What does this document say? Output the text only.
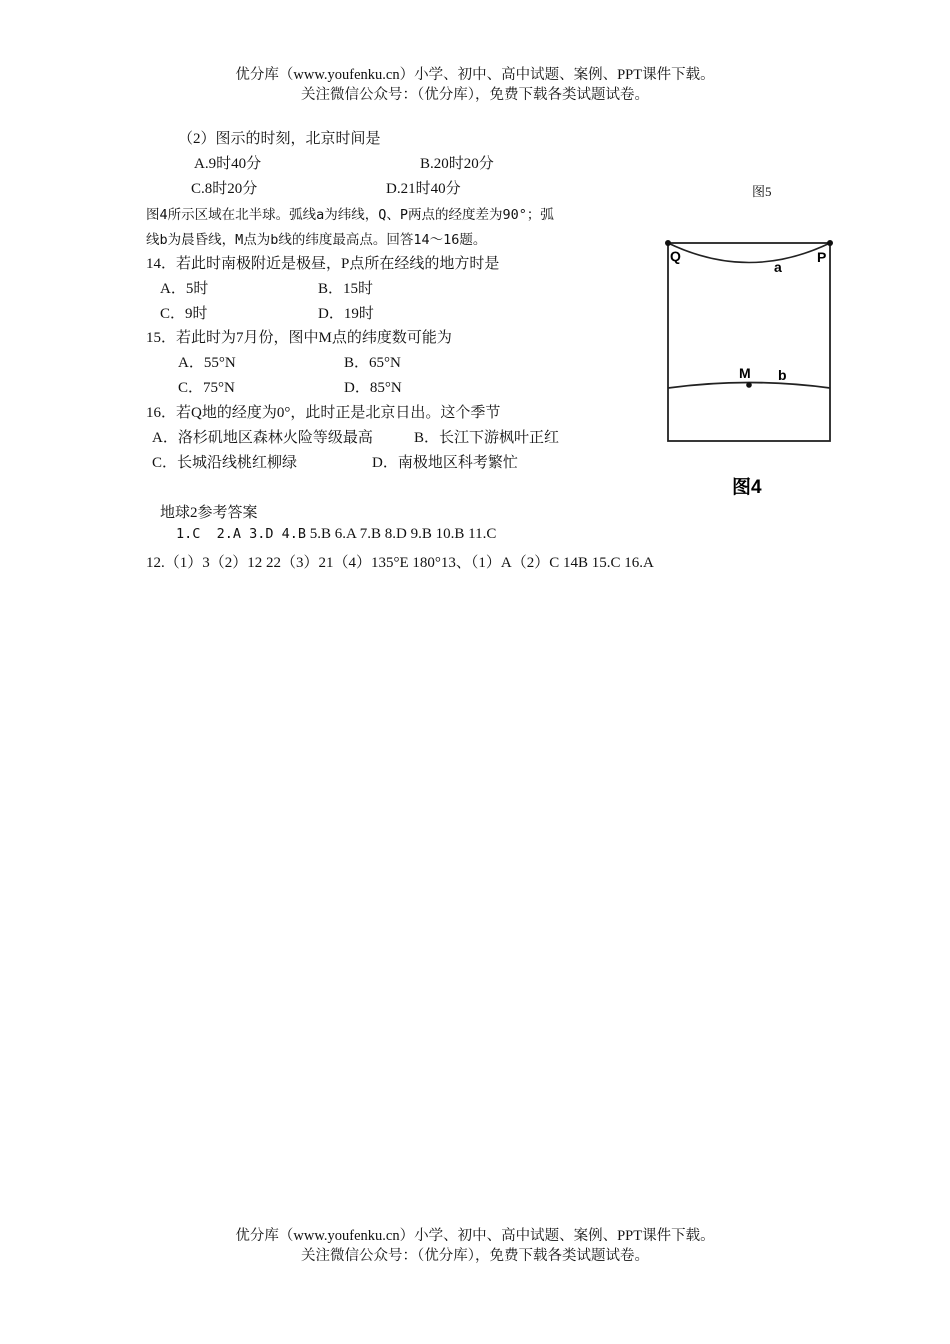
优分库（www.youfenku.cn）小学、初中、高中试题、案例、PPT课件下载。
关注微信公众号：（优分库），免费下载各类试题试卷。
（2）图示的时刻，北京时间是
A.9时40分	B.20时20分
C.8时20分	D.21时40分	图5
图4所示区域在北半球。弧线a为纬线，Q、P两点的经度差为90°；弧
线b为晨昏线，M点为b线的纬度最高点。回答14～16题。
14．若此时南极附近是极昼，P点所在经线的地方时是
A．5时	B．15时
C．9时	D．19时
15．若此时为7月份，图中M点的纬度数可能为
A．55°N	B．65°N
C．75°N	D．85°N
16．若Q地的经度为0°，此时正是北京日出。这个季节
A．洛杉矶地区森林火险等级最高	B．长江下游枫叶正红
C．长城沿线桃红柳绿	D．南极地区科考繁忙
Q	P
a
M b
图4
地球2参考答案
1.C  2.A 3.D 4.B 5.B 6.A 7.B 8.D 9.B 10.B 11.C
12.（1）3（2）12 22（3）21（4）135°E 180°13、（1）A（2）C 14B 15.C 16.A
优分库（www.youfenku.cn）小学、初中、高中试题、案例、PPT课件下载。
关注微信公众号：（优分库），免费下载各类试题试卷。
